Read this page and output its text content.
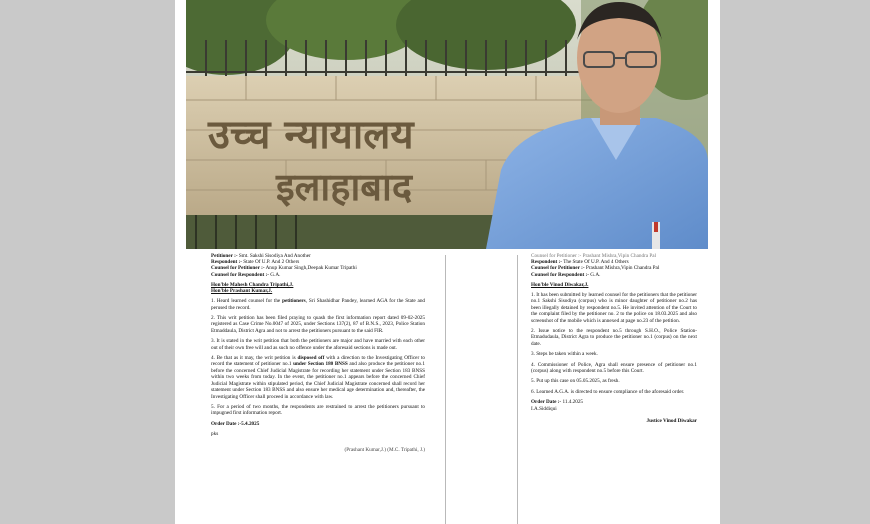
उच्च न्यायालय
इलाहाबाद
Petitioner :- Smt. Sakshi Sisodiya And Another
Respondent :- State Of U.P. And 2 Others
Counsel for Petitioner :- Anup Kumar Singh,Deepak Kumar Tripathi
Counsel for Respondent :- G.A.
Hon'ble Mahesh Chandra Tripathi,J.
Hon'ble Prashant Kumar,J.

1. Heard learned counsel for the petitioners, Sri Shashidhar Pandey, learned AGA for the State and perused the record.

2. This writ petition has been filed praying to quash the first information report dated 09-02-2025 registered as Case Crime No.0047 of 2025, under Sections 137(2), 87 of B.N.S., 2023, Police Station Etmaddaula, District Agra and not to arrest the petitioners pursuant to the said FIR.

3. It is stated in the writ petition that both the petitioners are major and have married with each other out of their own free will and as such no offence under the aforesaid sections is made out.

4. Be that as it may, the writ petition is disposed off with a direction to the Investigating Officer to record the statement of petitioner no.1 under Section 180 BNSS and also produce the petitioner no.1 before the concerned Chief Judicial Magistrate for recording her statement under Section 183 BNSS within two weeks from today. In the event, the petitioner no.1 appears before the concerned Chief Judicial Magistrate within stipulated period, the Chief Judicial Magistrate concerned shall record her statement under Section 183 BNSS and also ensure her medical age determination and, thereafter, the Investigating Officer shall proceed in accordance with law.

5. For a period of two months, the respondents are restrained to arrest the petitioners pursuant to impugned first information report.

Order Date :-5.4.2025
pks
(Prashant Kumar,J.) (M.C. Tripathi, J.)
Counsel for Petitioner :- Prashant Mishra,Vipin Chandra Pal
Respondent :- The State Of U.P. And 4 Others
Counsel for Petitioner :- Prashant Mishra,Vipin Chandra Pal
Counsel for Respondent :- G.A.
Hon'ble Vinod Diwakar,J.

1. It has been submitted by learned counsel for the petitioners that the petitioner no.1 Sakshi Sisodiya (corpus) who is minor daughter of petitioner no.2 has been illegally detained by respondent no.5. He invited attention of the Court to the complaint filed by the petitioner no. 2 to the police on 18.03.2025 and also screenshot of the mobile which is annexed at page no.23 of the petition.

2. Issue notice to the respondent no.5 through S.H.O., Police Station- Etmadudaula, District Agra to produce the petitioner no.1 (corpus) on the next date.

3. Steps be taken within a week.

4. Commissioner of Police, Agra shall ensure presence of petitioner no.1 (corpus) along with respondent no.5 before this Court.

5. Put up this case on 05.05.2025, as fresh.

6. Learned A.G.A. is directed to ensure compliance of the aforesaid order.

Order Date :- 11.4.2025
I.A.Siddiqui
Justice Vinod Diwakar
